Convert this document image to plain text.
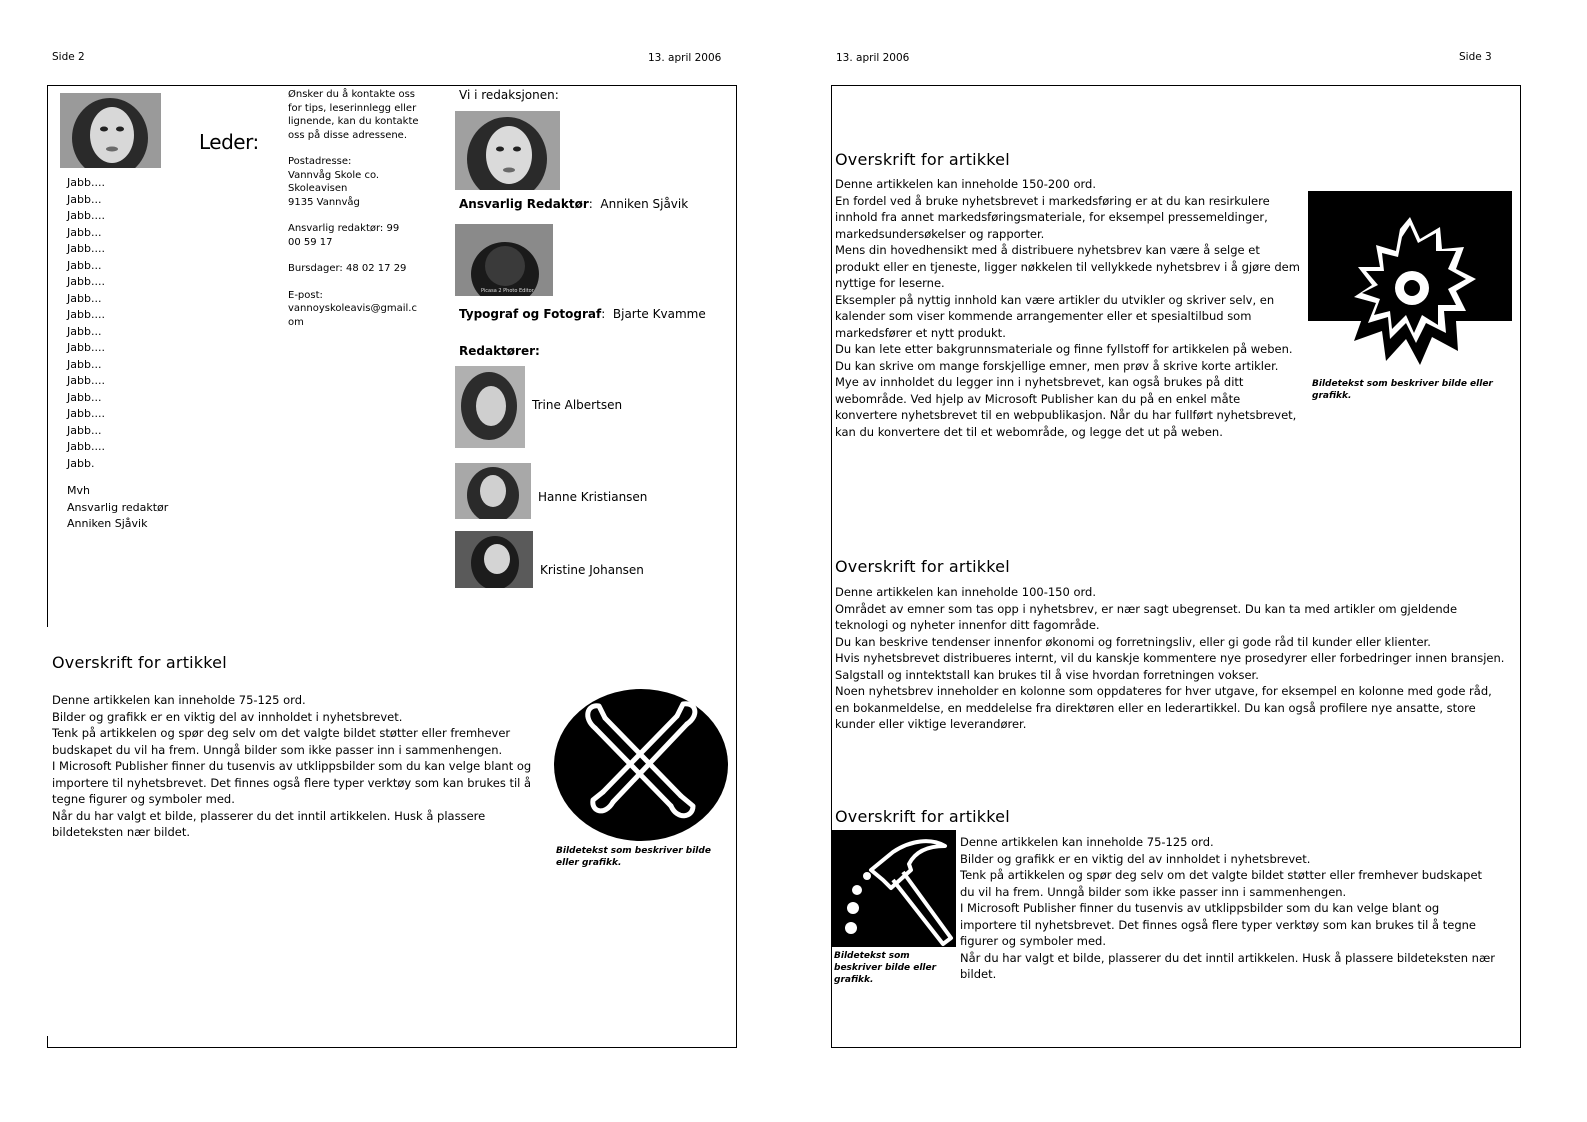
Side 2	13. april 2006
Leder:
Jabb....
Jabb...
Jabb....
Jabb...
Jabb....
Jabb...
Jabb....
Jabb...
Jabb....
Jabb...
Jabb....
Jabb...
Jabb....
Jabb...
Jabb....
Jabb...
Jabb....
Jabb.
Mvh
Ansvarlig redaktør
Anniken Sjåvik
Ønsker du å kontakte oss for tips, leserinnlegg eller lignende, kan du kontakte oss på disse adressene.
Postadresse:
Vannvåg Skole co.
Skoleavisen
9135 Vannvåg
Ansvarlig redaktør: 99 00 59 17
Bursdager: 48 02 17 29
E-post:
vannoyskoleavis@gmail.com
Vi i redaksjonen:
Ansvarlig Redaktør:  Anniken Sjåvik
Picasa 2 Photo Editor
Typograf og Fotograf:  Bjarte Kvamme
Redaktører:
Trine Albertsen
Hanne Kristiansen
Kristine Johansen
Overskrift for artikkel

Denne artikkelen kan inneholde 75-125 ord.

Bilder og grafikk er en viktig del av innholdet i nyhetsbrevet.

Tenk på artikkelen og spør deg selv om det valgte bildet støtter eller fremhever budskapet du vil ha frem. Unngå bilder som ikke passer inn i sammenhengen.

I Microsoft Publisher finner du tusenvis av utklippsbilder som du kan velge blant og importere til nyhetsbrevet. Det finnes også flere typer verktøy som kan brukes til å tegne figurer og symboler med.

Når du har valgt et bilde, plasserer du det inntil artikkelen. Husk å plassere bildeteksten nær bildet.

Bildetekst som beskriver bilde eller grafikk.
13. april 2006	Side 3
Overskrift for artikkel

Denne artikkelen kan inneholde 150-200 ord.

En fordel ved å bruke nyhetsbrevet i markedsføring er at du kan resirkulere innhold fra annet markedsføringsmateriale, for eksempel pressemeldinger, markedsundersøkelser og rapporter.

Mens din hovedhensikt med å distribuere nyhetsbrev kan være å selge et produkt eller en tjeneste, ligger nøkkelen til vellykkede nyhetsbrev i å gjøre dem nyttige for leserne.

Eksempler på nyttig innhold kan være artikler du utvikler og skriver selv, en kalender som viser kommende arrangementer eller et spesialtilbud som markedsfører et nytt produkt.

Du kan lete etter bakgrunnsmateriale og finne fyllstoff for artikkelen på weben. Du kan skrive om mange forskjellige emner, men prøv å skrive korte artikler.

Mye av innholdet du legger inn i nyhetsbrevet, kan også brukes på ditt webområde. Ved hjelp av Microsoft Publisher kan du på en enkel måte konvertere nyhetsbrevet til en webpublikasjon. Når du har fullført nyhetsbrevet, kan du konvertere det til et webområde, og legge det ut på weben.

Bildetekst som beskriver bilde eller grafikk.
Overskrift for artikkel

Denne artikkelen kan inneholde 100-150 ord.

Området av emner som tas opp i nyhetsbrev, er nær sagt ubegrenset. Du kan ta med artikler om gjeldende teknologi og nyheter innenfor ditt fagområde.

Du kan beskrive tendenser innenfor økonomi og forretningsliv, eller gi gode råd til kunder eller klienter.

Hvis nyhetsbrevet distribueres internt, vil du kanskje kommentere nye prosedyrer eller forbedringer innen bransjen.

Salgstall og inntektstall kan brukes til å vise hvordan forretningen vokser.

Noen nyhetsbrev inneholder en kolonne som oppdateres for hver utgave, for eksempel en kolonne med gode råd, en bokanmeldelse, en meddelelse fra direktøren eller en lederartikkel. Du kan også profilere nye ansatte, store kunder eller viktige leverandører.

Overskrift for artikkel
Bildetekst som beskriver bilde eller grafikk.

Denne artikkelen kan inneholde 75-125 ord.

Bilder og grafikk er en viktig del av innholdet i nyhetsbrevet.

Tenk på artikkelen og spør deg selv om det valgte bildet støtter eller fremhever budskapet du vil ha frem. Unngå bilder som ikke passer inn i sammenhengen.

I Microsoft Publisher finner du tusenvis av utklippsbilder som du kan velge blant og importere til nyhetsbrevet. Det finnes også flere typer verktøy som kan brukes til å tegne figurer og symboler med.

Når du har valgt et bilde, plasserer du det inntil artikkelen. Husk å plassere bildeteksten nær bildet.
